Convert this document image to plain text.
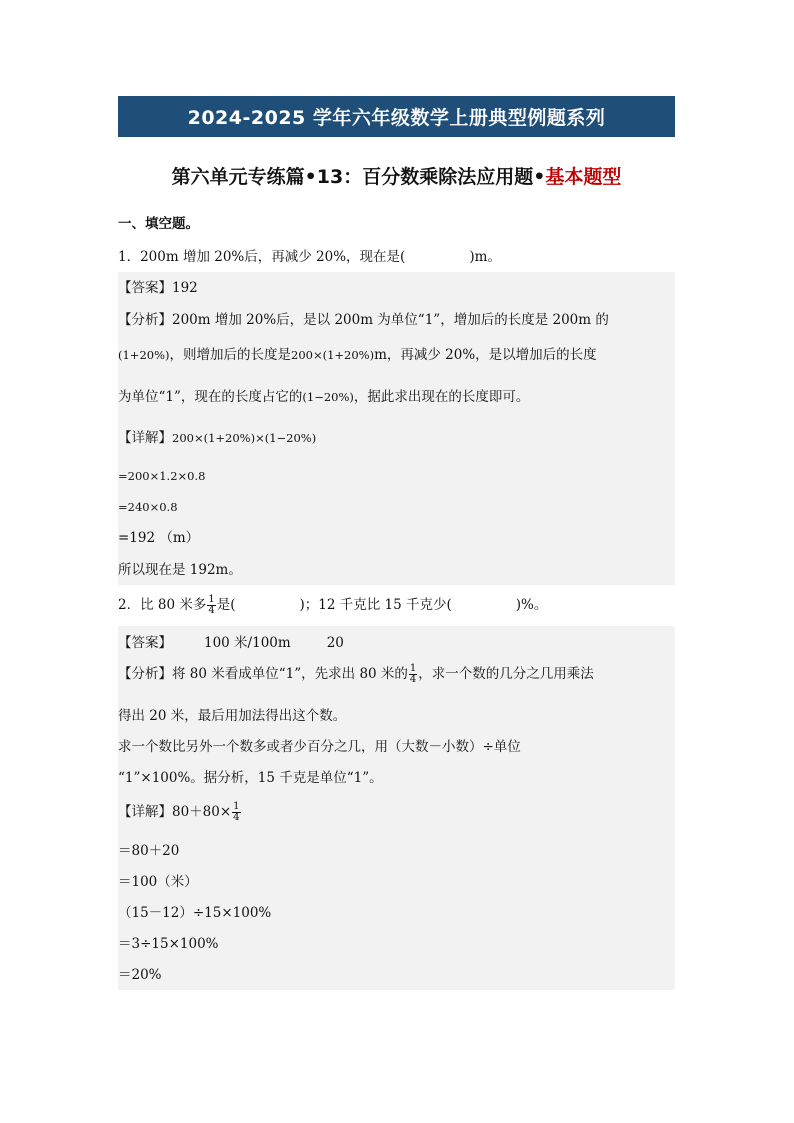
2024-2025 学年六年级数学上册典型例题系列
第六单元专练篇•13：百分数乘除法应用题•基本题型
一、填空题。
1．200m 增加 20%后，再减少 20%，现在是(	)m。
【答案】192
【分析】200m 增加 20%后，是以 200m 为单位“1”，增加后的长度是 200m 的
(1+20%)，则增加后的长度是200×(1+20%)m，再减少 20%，是以增加后的长度
为单位“1”，现在的长度占它的(1−20%)，据此求出现在的长度即可。
【详解】200×(1+20%)×(1−20%)
=200×1.2×0.8
=240×0.8
=192 （m）
所以现在是 192m。
2．比 80 米多 $\frac{1}{4}$ 是(	)；12 千克比 15 千克少(	)%。
【答案】 100 米/100m	20
【分析】将 80 米看成单位“1”，先求出 80 米的 $\frac{1}{4}$ ，求一个数的几分之几用乘法
得出 20 米，最后用加法得出这个数。
求一个数比另外一个数多或者少百分之几，用（大数－小数）÷单位
“1”×100%。据分析，15 千克是单位“1”。
【详解】$80+80\times \frac{1}{4}$
＝80＋20
＝100（米）
（15－12）÷15×100%
＝3÷15×100%
＝20%
